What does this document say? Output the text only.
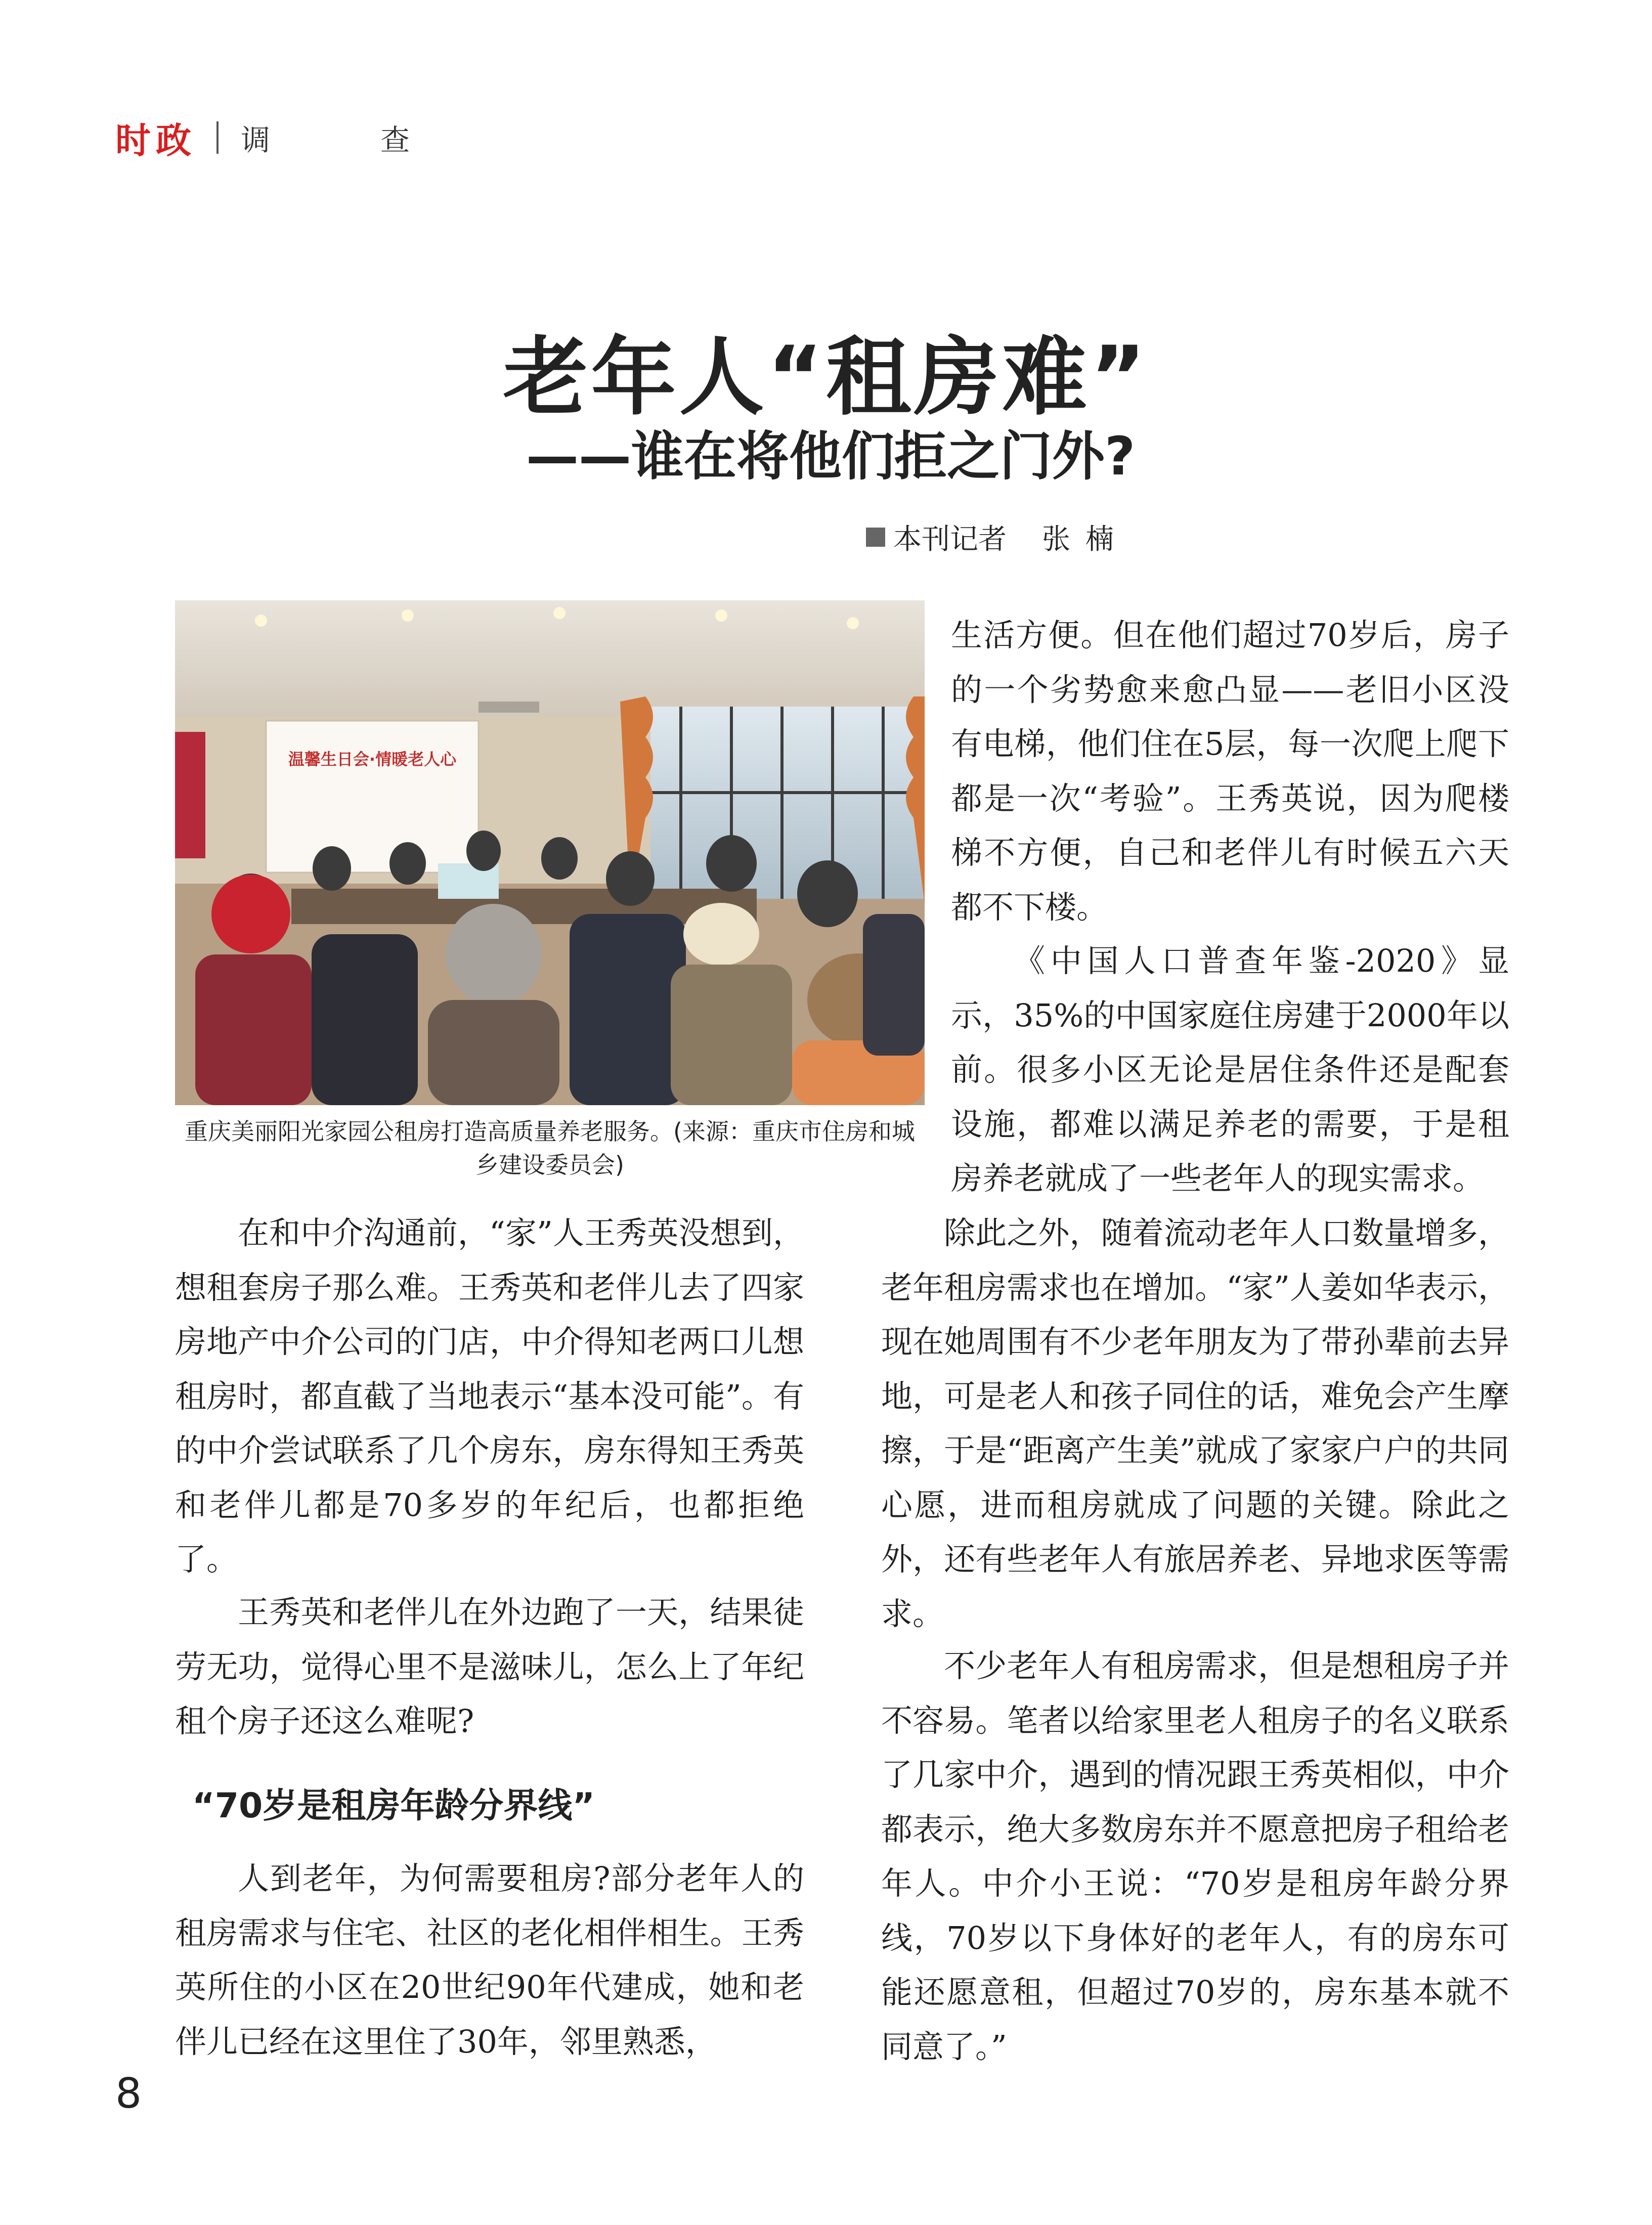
时政 调　查
老年人“租房难”
——谁在将他们拒之门外?
本刊记者 张楠
温馨生日会·情暖老人心
重庆美丽阳光家园公租房打造高质量养老服务。(来源：重庆市住房和城乡建设委员会)

在和中介沟通前，“家”人王秀英没想到，想租套房子那么难。王秀英和老伴儿去了四家房地产中介公司的门店，中介得知老两口儿想租房时，都直截了当地表示“基本没可能”。有的中介尝试联系了几个房东，房东得知王秀英和老伴儿都是70多岁的年纪后，也都拒绝了。

王秀英和老伴儿在外边跑了一天，结果徒劳无功，觉得心里不是滋味儿，怎么上了年纪租个房子还这么难呢?

“70岁是租房年龄分界线”

人到老年，为何需要租房?部分老年人的租房需求与住宅、社区的老化相伴相生。王秀英所住的小区在20世纪90年代建成，她和老伴儿已经在这里住了30年，邻里熟悉，

生活方便。但在他们超过70岁后，房子的一个劣势愈来愈凸显——老旧小区没有电梯，他们住在5层，每一次爬上爬下都是一次“考验”。王秀英说，因为爬楼梯不方便，自己和老伴儿有时候五六天都不下楼。

《中国人口普查年鉴-2020》显示，35%的中国家庭住房建于2000年以前。很多小区无论是居住条件还是配套设施，都难以满足养老的需要，于是租房养老就成了一些老年人的现实需求。

除此之外，随着流动老年人口数量增多，老年租房需求也在增加。“家”人姜如华表示，现在她周围有不少老年朋友为了带孙辈前去异地，可是老人和孩子同住的话，难免会产生摩擦，于是“距离产生美”就成了家家户户的共同心愿，进而租房就成了问题的关键。除此之外，还有些老年人有旅居养老、异地求医等需求。

不少老年人有租房需求，但是想租房子并不容易。笔者以给家里老人租房子的名义联系了几家中介，遇到的情况跟王秀英相似，中介都表示，绝大多数房东并不愿意把房子租给老年人。中介小王说：“70岁是租房年龄分界线，70岁以下身体好的老年人，有的房东可能还愿意租，但超过70岁的，房东基本就不同意了。”

8
